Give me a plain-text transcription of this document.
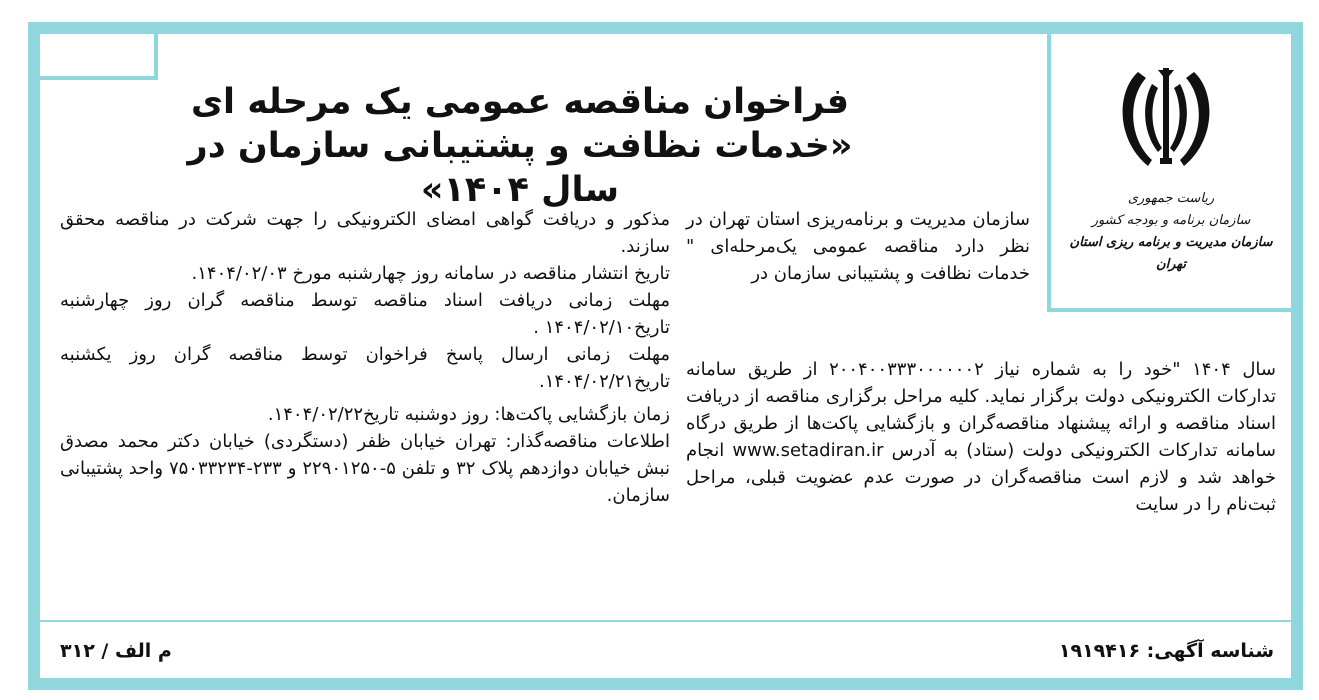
ریاست جمهوری
سازمان برنامه و بودجه کشور
سازمان مدیریت و برنامه ریزی استان تهران
فراخوان مناقصه عمومی یک مرحله ای
«خدمات نظافت و پشتیبانی سازمان در سال ۱۴۰۴»

سازمان مدیریت و برنامه‌ریزی استان تهران در نظر دارد مناقصه عمومی یک‌مرحله‌ای " خدمات نظافت و پشتیبانی سازمان در

سال ۱۴۰۴ "خود را به شماره نیاز ۲۰۰۴۰۰۳۳۳۰۰۰۰۰۰۲ از طریق سامانه تدارکات الکترونیکی دولت برگزار نماید. کلیه مراحل برگزاری مناقصه از دریافت اسناد مناقصه و ارائه پیشنهاد مناقصه‌گران و بازگشایی پاکت‌ها از طریق درگاه سامانه تدارکات الکترونیکی دولت (ستاد) به آدرس www.setadiran.ir انجام خواهد شد و لازم است مناقصه‌گران در صورت عدم عضویت قبلی، مراحل ثبت‌نام را در سایت

مذکور و دریافت گواهی امضای الکترونیکی را جهت شرکت در مناقصه محقق سازند.

تاریخ انتشار مناقصه در سامانه روز چهارشنبه مورخ ۱۴۰۴/۰۲/۰۳.

مهلت زمانی دریافت اسناد مناقصه توسط مناقصه گران روز چهارشنبه تاریخ۱۴۰۴/۰۲/۱۰ .

مهلت زمانی ارسال پاسخ فراخوان توسط مناقصه گران روز یکشنبه تاریخ۱۴۰۴/۰۲/۲۱.

زمان بازگشایی پاکت‌ها: روز دوشنبه تاریخ۱۴۰۴/۰۲/۲۲.

اطلاعات مناقصه‌گذار: تهران خیابان ظفر (دستگردی) خیابان دکتر محمد مصدق نبش خیابان دوازدهم پلاک ۳۲ و تلفن ۵-۲۲۹۰۱۲۵۰ و ۲۳۳-۷۵۰۳۳۲۳۴ واحد پشتیبانی سازمان.

شناسه آگهی: ۱۹۱۹۴۱۶
م الف / ۳۱۲
